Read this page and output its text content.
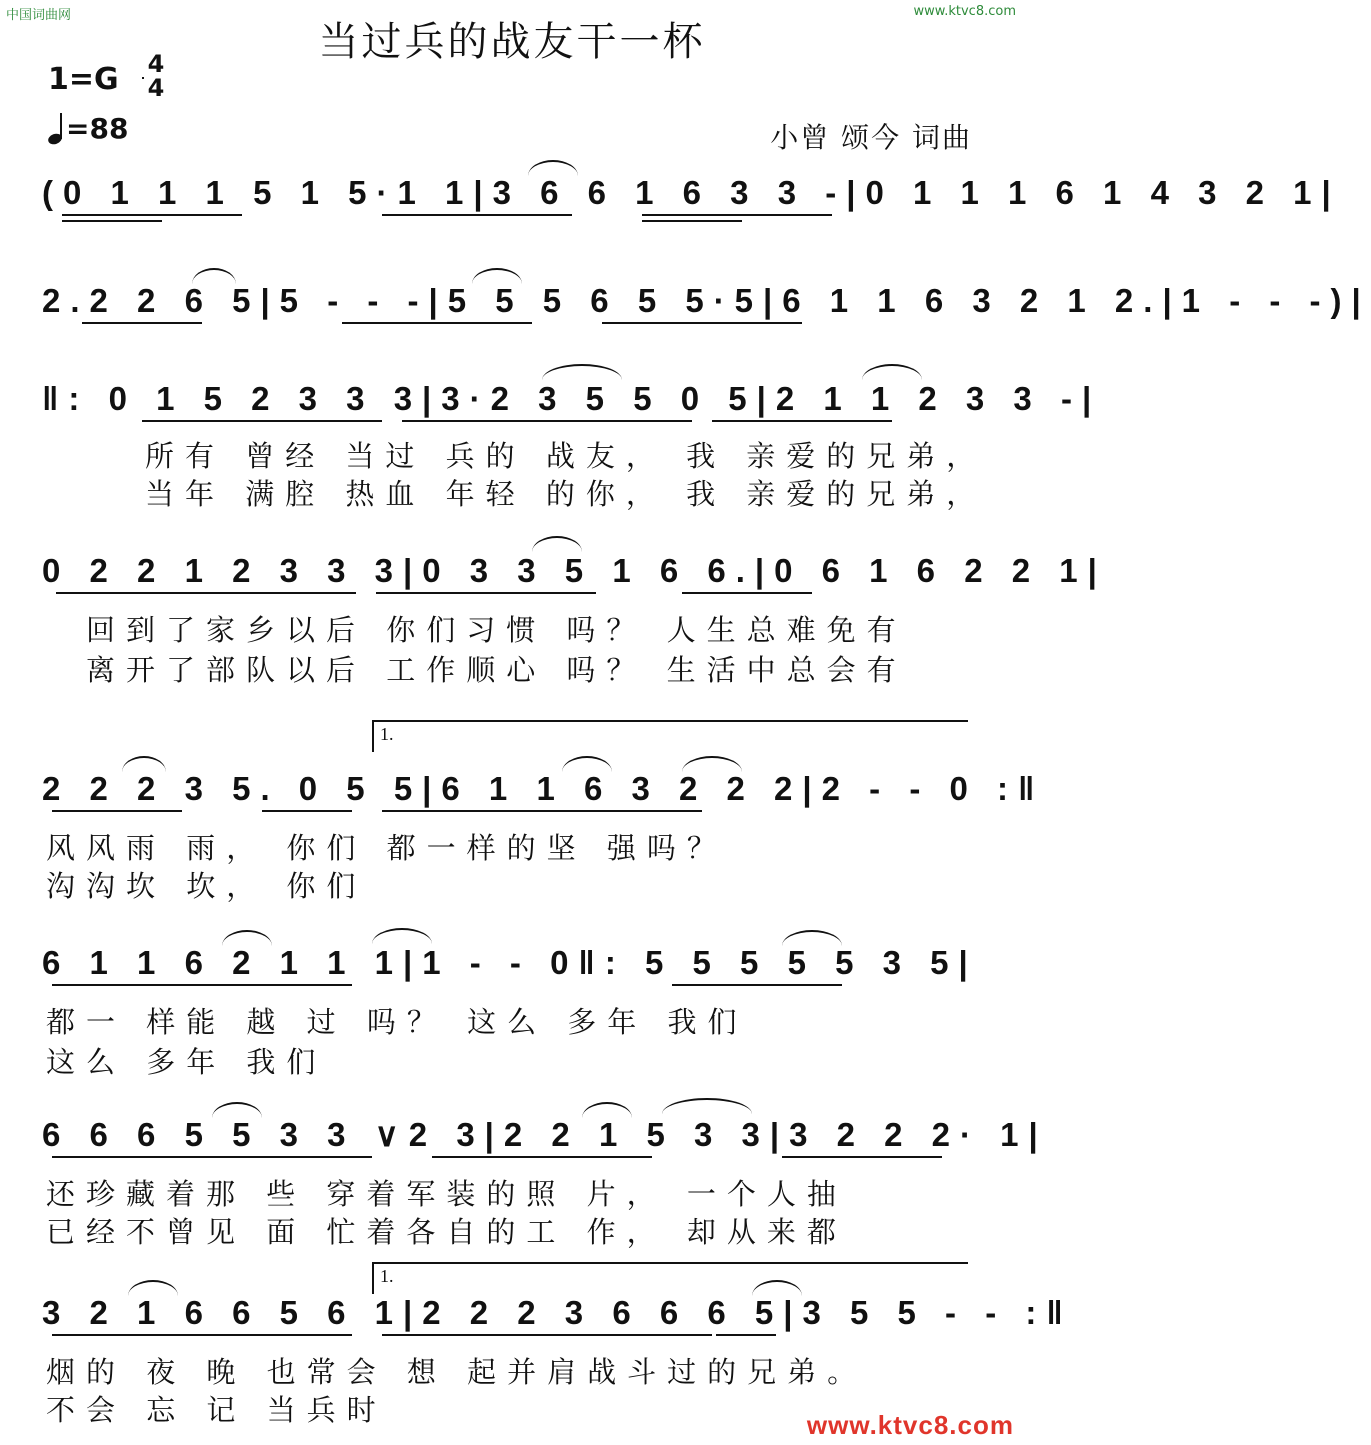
中国词曲网	www.ktvc8.com
当过兵的战友干一杯
1=G 4
4
=88	小曾 颂今 词曲
(0 1 1 1 5 1 5·1 1|3 6 6 1 6 3 3 -|0 1 1 1 6 1 4 3 2 1|
2.2 2 6 5|5 - - -|5 5 5 6 5 5·5|6 1 1 6 3 2 1 2.|1 - - -)|
‖: 0 1 5 2 3 3 3|3·2 3 5 5 0 5|2 1 1 2 3 3 -|
所有 曾经 当过 兵的 战友， 我 亲爱的兄弟，
当年 满腔 热血 年轻 的你， 我 亲爱的兄弟，
0 2 2 1 2 3 3 3|0 3 3 5 1 6 6.|0 6 1 6 2 2 1|
回到了家乡以后 你们习惯 吗？ 人生总难免有
离开了部队以后 工作顺心 吗？ 生活中总会有
1.
2 2 2 3 5. 0 5 5|6 1 1 6 3 2 2 2|2 - - 0 :‖
风风雨 雨， 你们 都一样的坚 强吗？
沟沟坎 坎， 你们
6 1 1 6 2 1 1 1|1 - - 0‖: 5 5 5 5 5 3 5|
都一 样能 越 过 吗？ 这么 多年 我们
这么 多年 我们
6 6 6 5 5 3 3 ∨2 3|2 2 1 5 3 3|3 2 2 2· 1|
还珍藏着那 些 穿着军装的照 片， 一个人抽
已经不曾见 面 忙着各自的工 作， 却从来都
1.
3 2 1 6 6 5 6 1|2 2 2 3 6 6 6 5|3 5 5 - - :‖
烟的 夜 晚 也常会 想 起并肩战斗过的兄弟。
不会 忘 记 当兵时	www.ktvc8.com
